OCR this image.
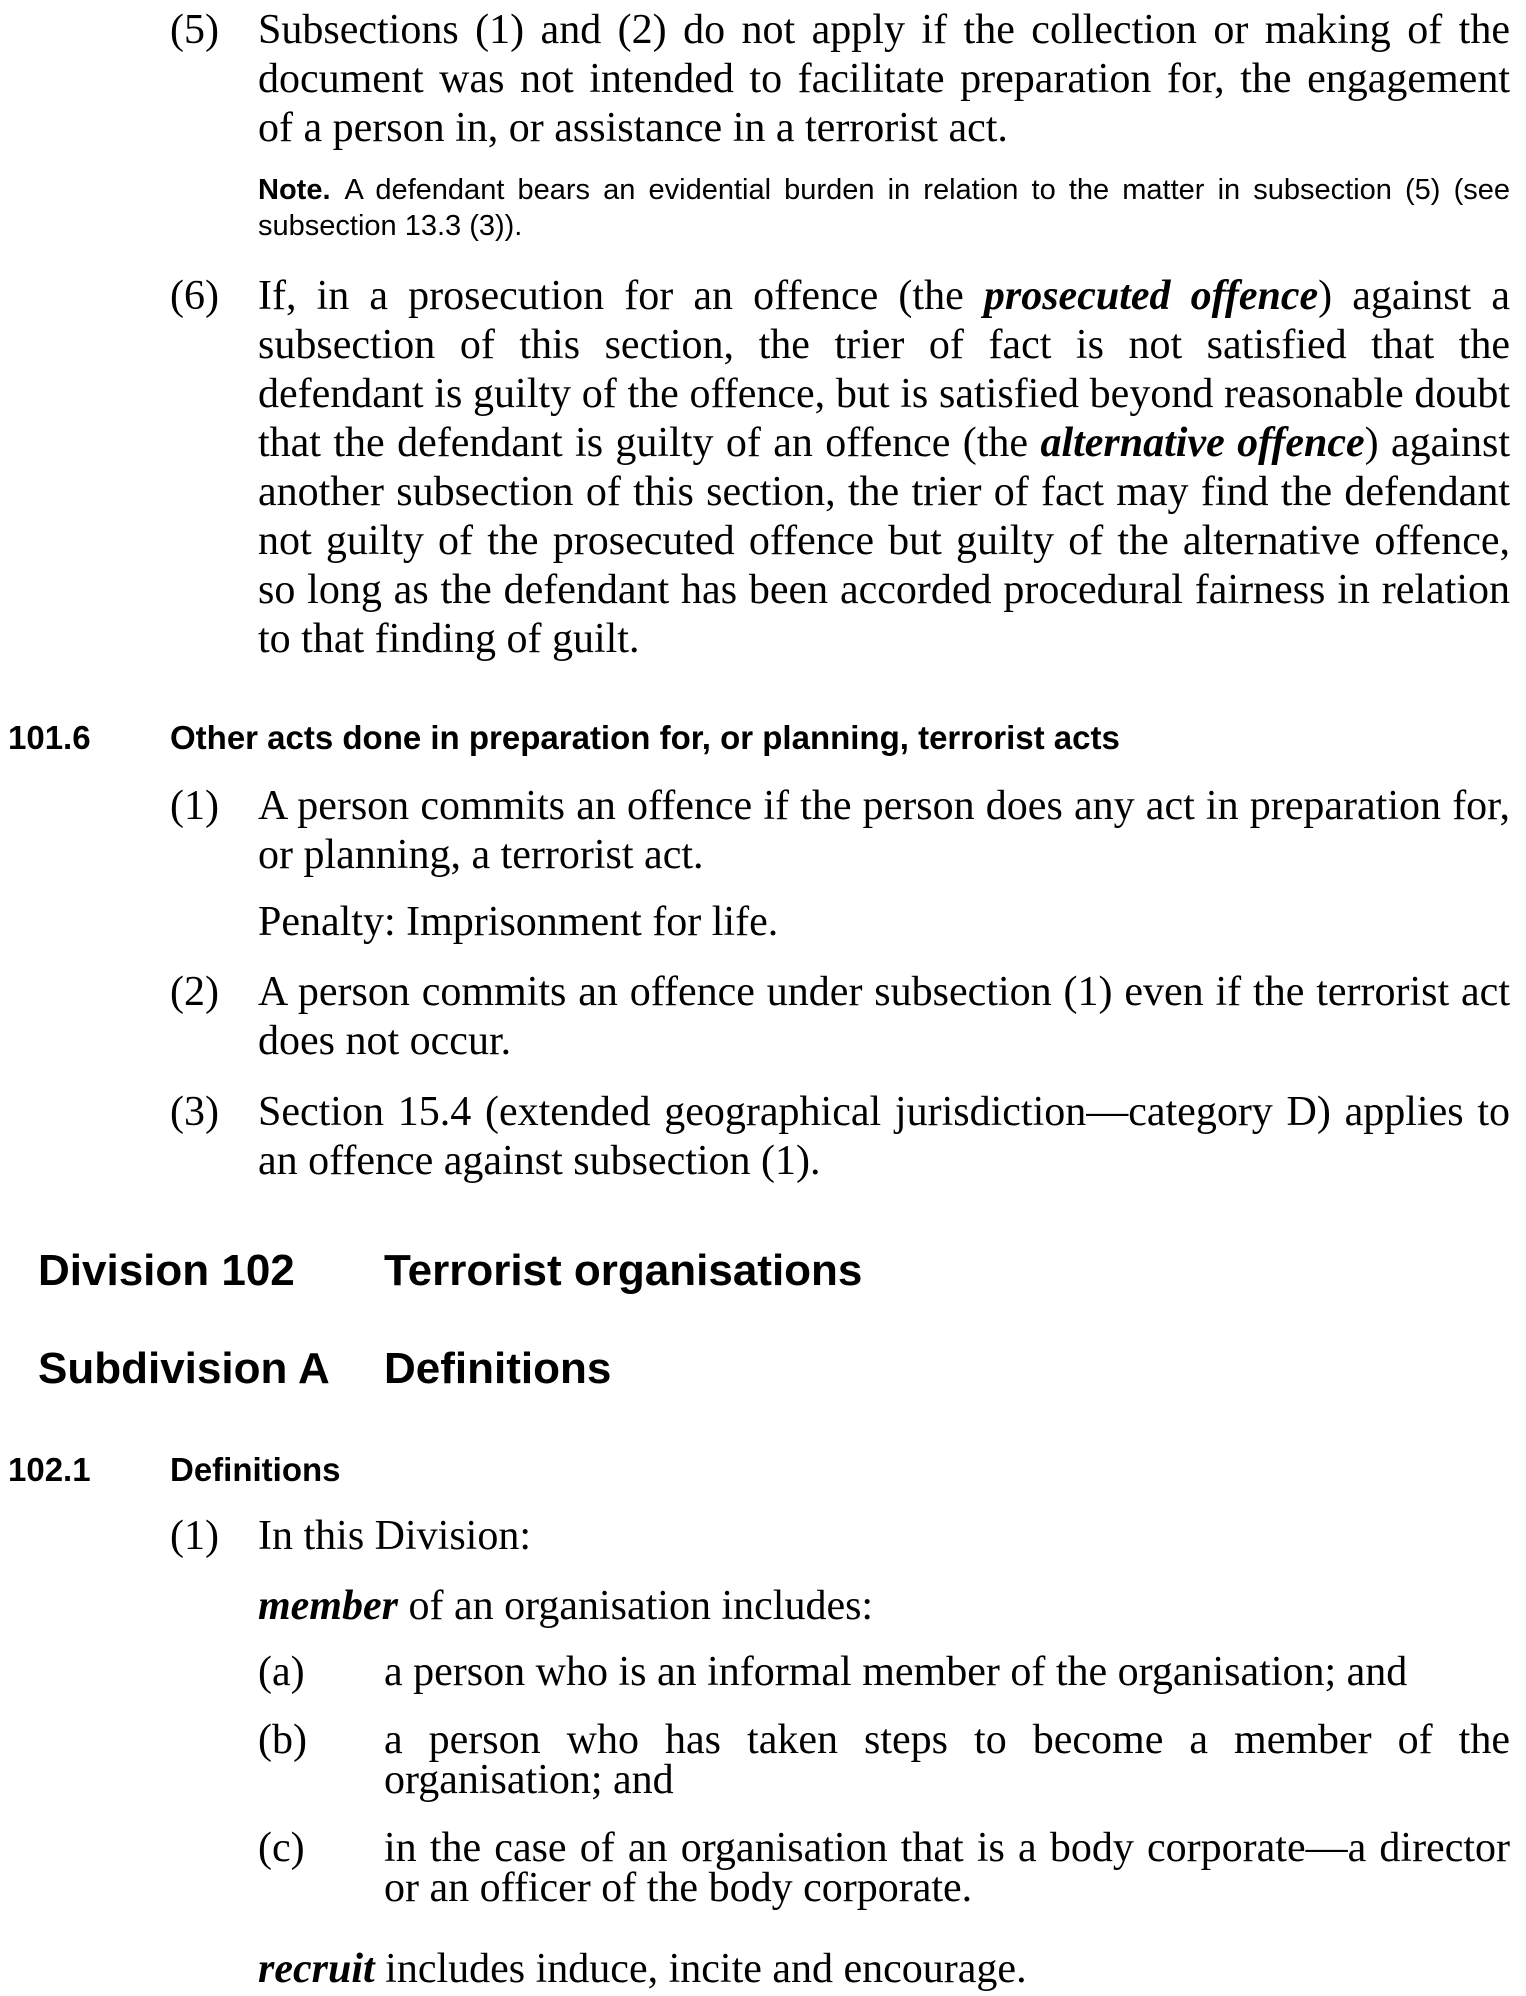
(5) Subsections (1) and (2) do not apply if the collection or making of the document was not intended to facilitate preparation for, the engagement of a person in, or assistance in a terrorist act.
Note. A defendant bears an evidential burden in relation to the matter in subsection (5) (see subsection 13.3 (3)).
(6) If, in a prosecution for an offence (the prosecuted offence) against a subsection of this section, the trier of fact is not satisfied that the defendant is guilty of the offence, but is satisfied beyond reasonable doubt that the defendant is guilty of an offence (the alternative offence) against another subsection of this section, the trier of fact may find the defendant not guilty of the prosecuted offence but guilty of the alternative offence, so long as the defendant has been accorded procedural fairness in relation to that finding of guilt.
101.6 Other acts done in preparation for, or planning, terrorist acts
(1) A person commits an offence if the person does any act in preparation for, or planning, a terrorist act.
Penalty: Imprisonment for life.
(2) A person commits an offence under subsection (1) even if the terrorist act does not occur.
(3) Section 15.4 (extended geographical jurisdiction—category D) applies to an offence against subsection (1).
Division 102 Terrorist organisations
Subdivision A Definitions
102.1 Definitions
(1) In this Division:
member of an organisation includes:
(a) a person who is an informal member of the organisation; and
(b) a person who has taken steps to become a member of the organisation; and
(c) in the case of an organisation that is a body corporate—a director or an officer of the body corporate.
recruit includes induce, incite and encourage.
